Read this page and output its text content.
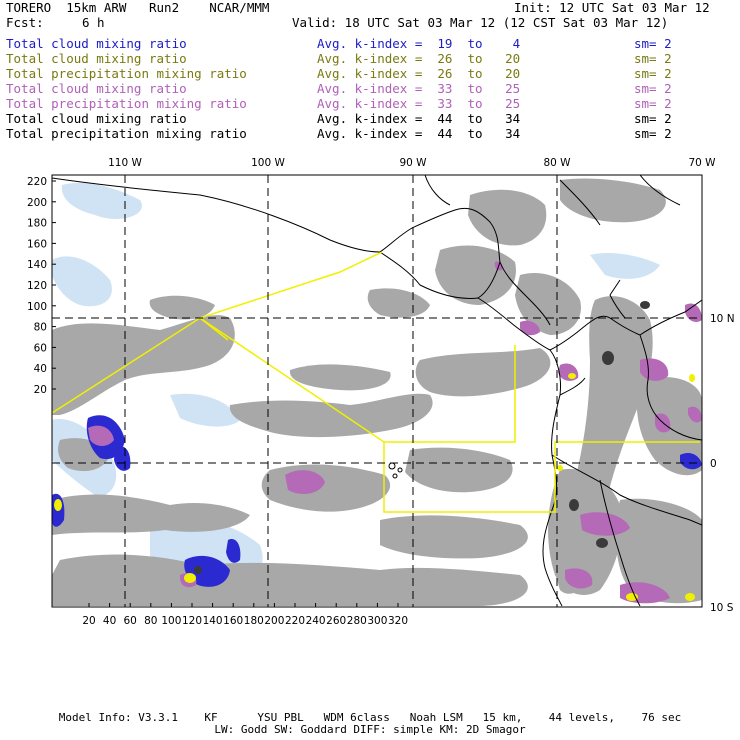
TORERO  15km ARW   Run2    NCAR/MMM	Init: 12 UTC Sat 03 Mar 12
Fcst:	6 h	Valid: 18 UTC Sat 03 Mar 12 (12 CST Sat 03 Mar 12)
Total cloud mixing ratio	Avg. k-index =  19  to    4	sm= 2
Total cloud mixing ratio	Avg. k-index =  26  to   20	sm= 2
Total precipitation mixing ratio	Avg. k-index =  26  to   20	sm= 2
Total cloud mixing ratio	Avg. k-index =  33  to   25	sm= 2
Total precipitation mixing ratio	Avg. k-index =  33  to   25	sm= 2
Total cloud mixing ratio	Avg. k-index =  44  to   34	sm= 2
Total precipitation mixing ratio	Avg. k-index =  44  to   34	sm= 2
110 W	100 W	90 W	80 W	70 W
10 N
0
10 S
220
200
180
160
140
120
100
80
60
40
20
20 40 60 80 100 120 140 160 180 200 220 240 260 280 300 320
Model Info: V3.3.1    KF      YSU PBL   WDM 6class   Noah LSM   15 km,    44 levels,    76 sec
LW: Godd SW: Goddard DIFF: simple KM: 2D Smagor
